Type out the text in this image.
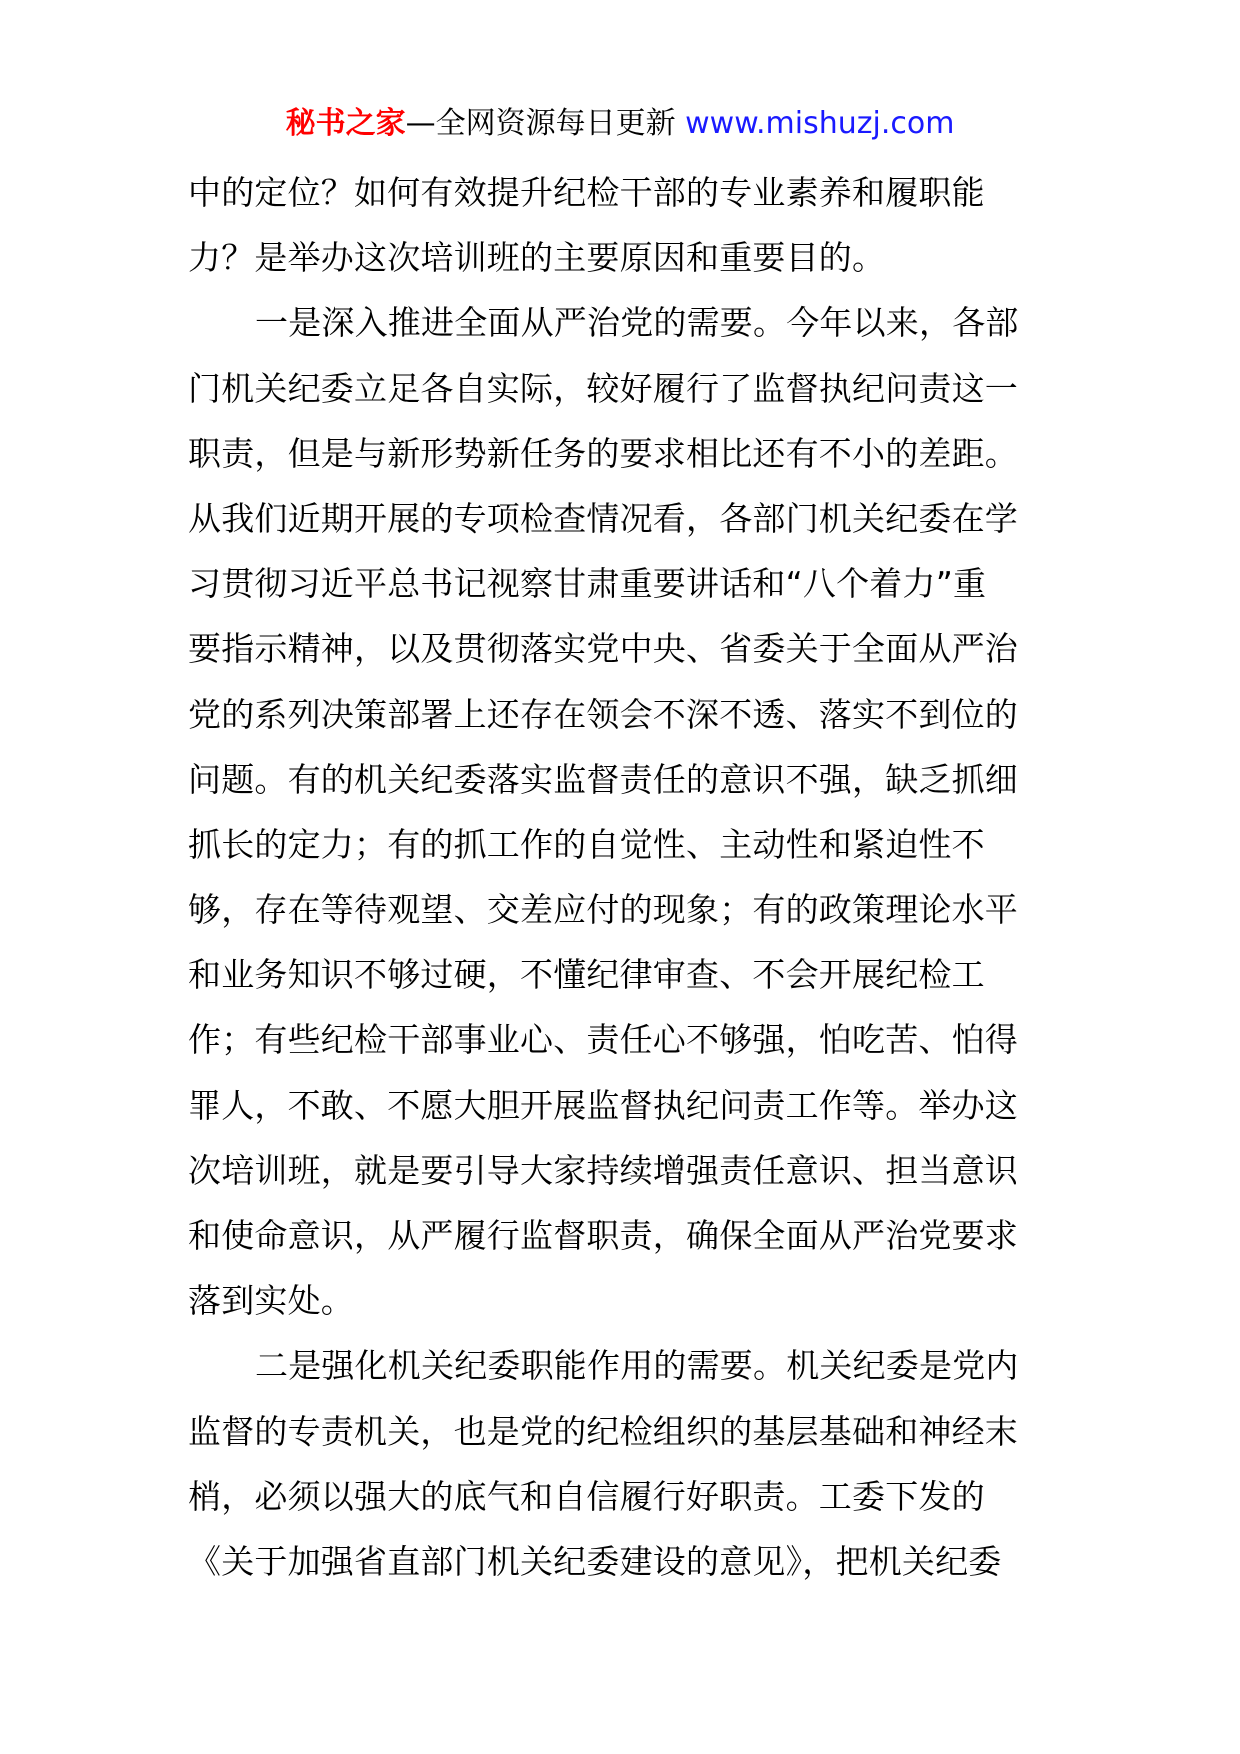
秘书之家—全网资源每日更新 www.mishuzj.com
中的定位？如何有效提升纪检干部的专业素养和履职能
力？是举办这次培训班的主要原因和重要目的。
一是深入推进全面从严治党的需要。今年以来，各部
门机关纪委立足各自实际，较好履行了监督执纪问责这一
职责，但是与新形势新任务的要求相比还有不小的差距。
从我们近期开展的专项检查情况看，各部门机关纪委在学
习贯彻习近平总书记视察甘肃重要讲话和“八个着力”重
要指示精神，以及贯彻落实党中央、省委关于全面从严治
党的系列决策部署上还存在领会不深不透、落实不到位的
问题。有的机关纪委落实监督责任的意识不强，缺乏抓细
抓长的定力；有的抓工作的自觉性、主动性和紧迫性不
够，存在等待观望、交差应付的现象；有的政策理论水平
和业务知识不够过硬，不懂纪律审查、不会开展纪检工
作；有些纪检干部事业心、责任心不够强，怕吃苦、怕得
罪人，不敢、不愿大胆开展监督执纪问责工作等。举办这
次培训班，就是要引导大家持续增强责任意识、担当意识
和使命意识，从严履行监督职责，确保全面从严治党要求
落到实处。
二是强化机关纪委职能作用的需要。机关纪委是党内
监督的专责机关，也是党的纪检组织的基层基础和神经末
梢，必须以强大的底气和自信履行好职责。工委下发的
《关于加强省直部门机关纪委建设的意见》，把机关纪委
